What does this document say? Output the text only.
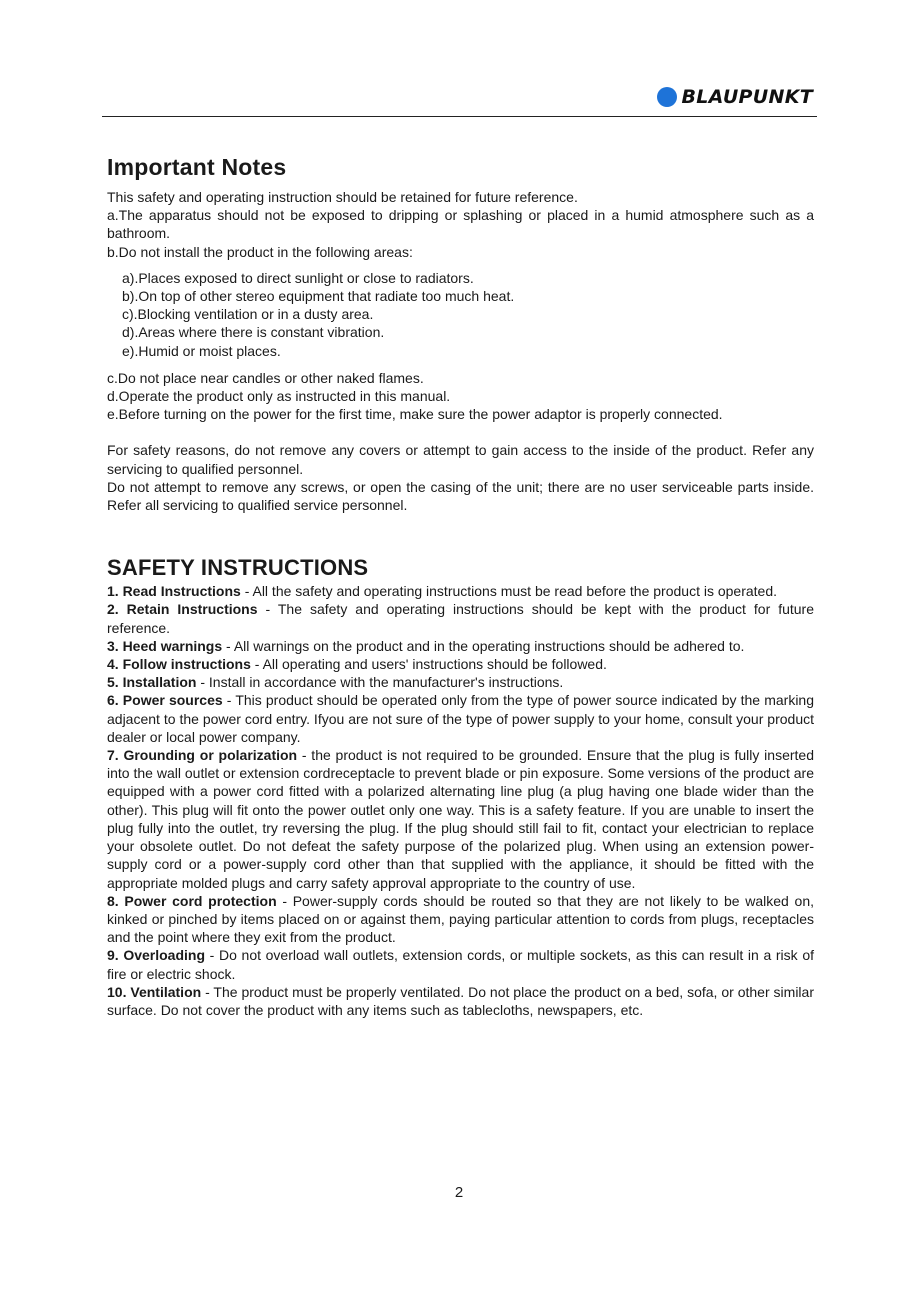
BLAUPUNKT
Important Notes

This safety and operating instruction should be retained for future reference.

a.The apparatus should not be exposed to dripping or splashing or placed in a humid atmosphere such as a bathroom.

b.Do not install the product in the following areas:

a).Places exposed to direct sunlight or close to radiators.

b).On top of other stereo equipment that radiate too much heat.

c).Blocking ventilation or in a dusty area.

d).Areas where there is constant vibration.

e).Humid or moist places.

c.Do not place near candles or other naked flames.

d.Operate the product only as instructed in this manual.

e.Before turning on the power for the first time, make sure the power adaptor is properly connected.

For safety reasons, do not remove any covers or attempt to gain access to the inside of the product. Refer any servicing to qualified personnel.

Do not attempt to remove any screws, or open the casing of the unit; there are no user serviceable parts inside. Refer all servicing to qualified service personnel.

SAFETY INSTRUCTIONS

1. Read Instructions - All the safety and operating instructions must be read before the product is operated.

2. Retain Instructions - The safety and operating instructions should be kept with the product for future reference.

3. Heed warnings - All warnings on the product and in the operating instructions should be adhered to.

4. Follow instructions - All operating and users' instructions should be followed.

5. Installation - Install in accordance with the manufacturer's instructions.

6. Power sources - This product should be operated only from the type of power source indicated by the marking adjacent to the power cord entry. Ifyou are not sure of the type of power supply to your home, consult your product dealer or local power company.

7. Grounding or polarization - the product is not required to be grounded. Ensure that the plug is fully inserted into the wall outlet or extension cordreceptacle to prevent blade or pin exposure. Some versions of the product are equipped with a power cord fitted with a polarized alternating line plug (a plug having one blade wider than the other). This plug will fit onto the power outlet only one way. This is a safety feature. If you are unable to insert the plug fully into the outlet, try reversing the plug. If the plug should still fail to fit, contact your electrician to replace your obsolete outlet. Do not defeat the safety purpose of the polarized plug. When using an extension power-supply cord or a power-supply cord other than that supplied with the appliance, it should be fitted with the appropriate molded plugs and carry safety approval appropriate to the country of use.

8. Power cord protection - Power-supply cords should be routed so that they are not likely to be walked on, kinked or pinched by items placed on or against them, paying particular attention to cords from plugs, receptacles and the point where they exit from the product.

9. Overloading - Do not overload wall outlets, extension cords, or multiple sockets, as this can result in a risk of fire or electric shock.

10. Ventilation - The product must be properly ventilated. Do not place the product on a bed, sofa, or other similar surface. Do not cover the product with any items such as tablecloths, newspapers, etc.

2
